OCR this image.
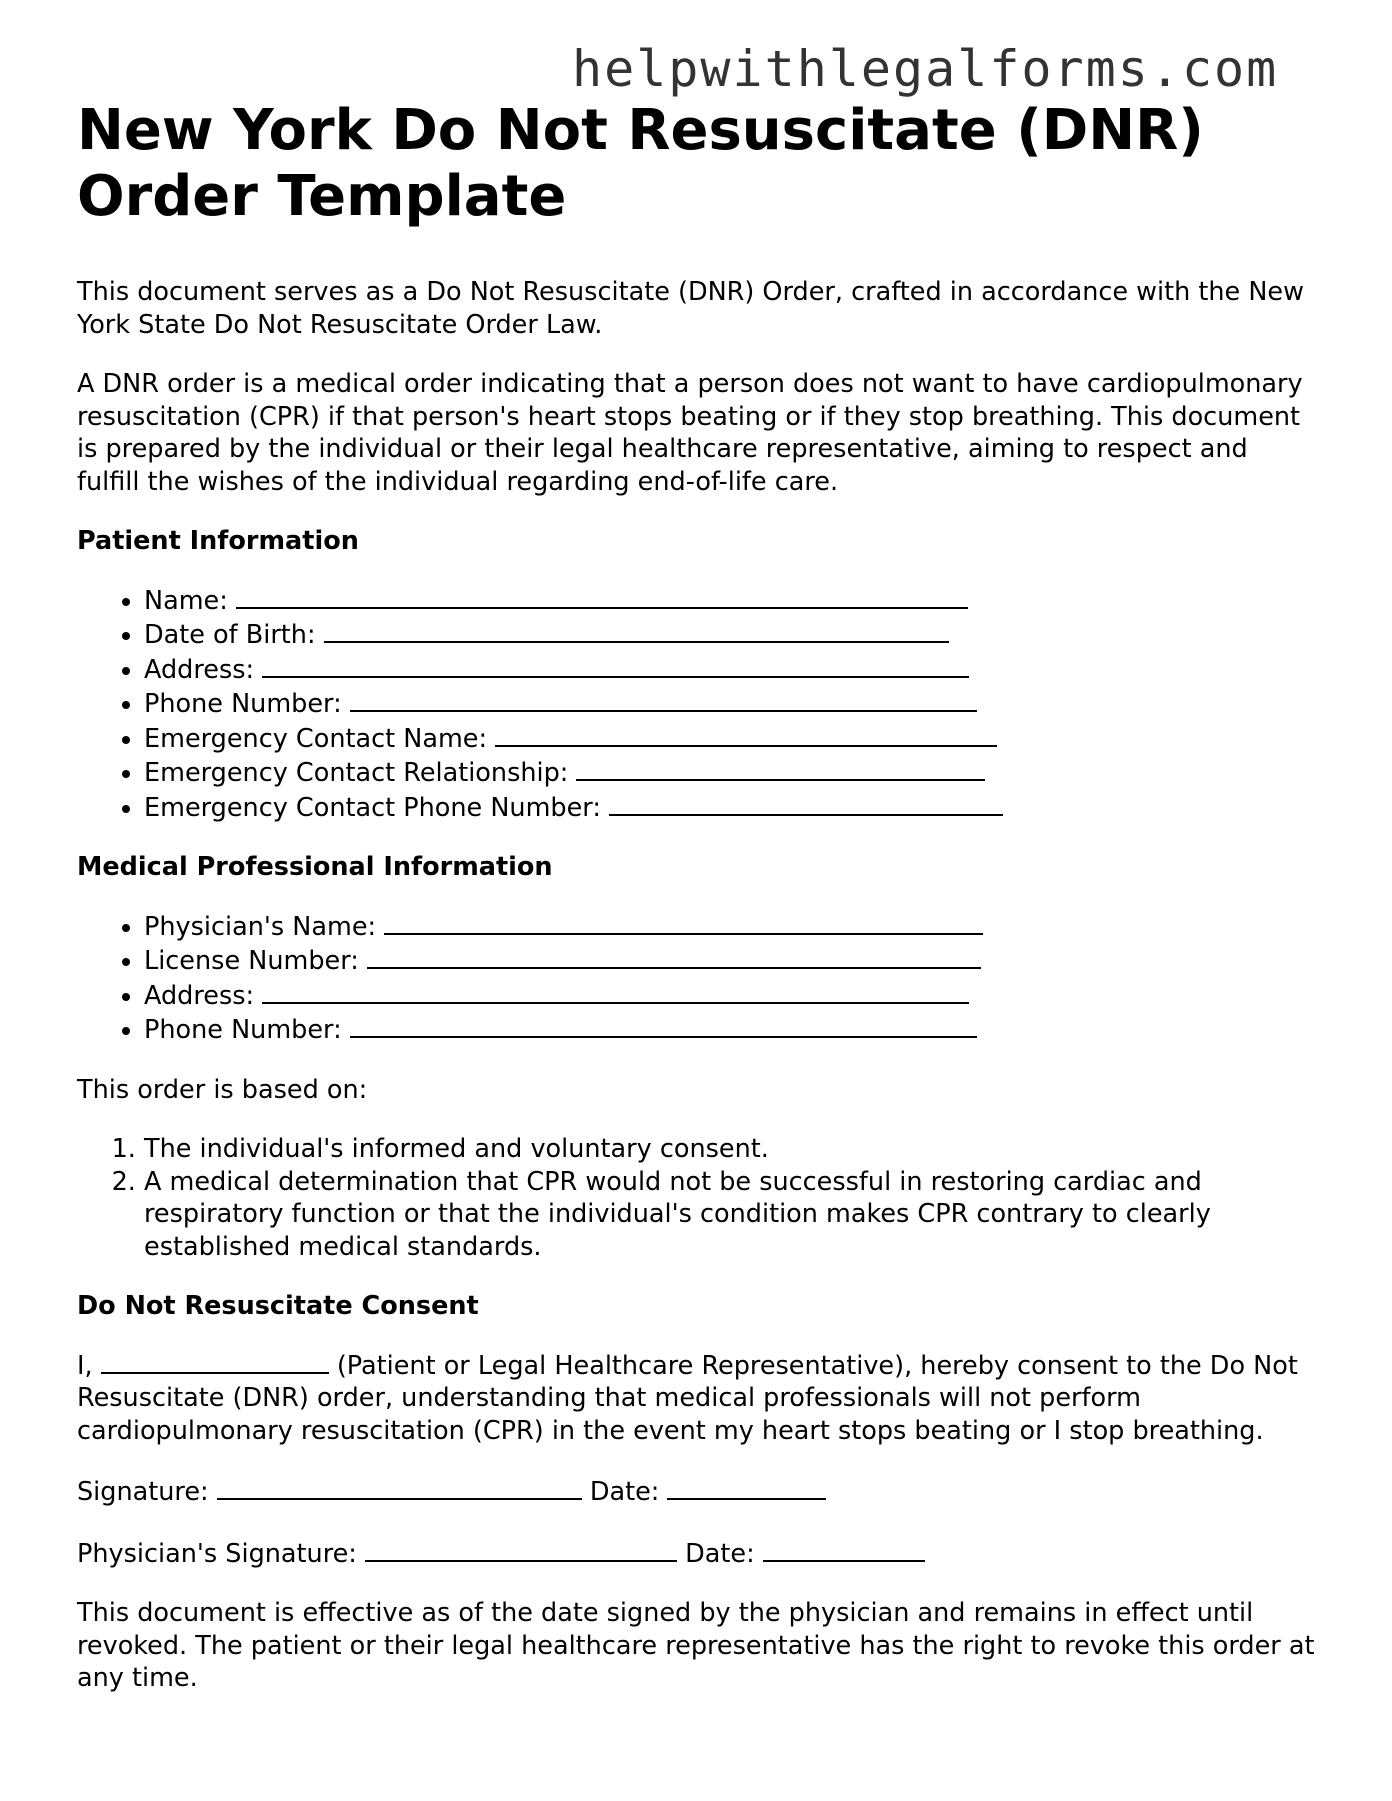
helpwithlegalforms.com
New York Do Not Resuscitate (DNR) Order Template

This document serves as a Do Not Resuscitate (DNR) Order, crafted in accordance with the New York State Do Not Resuscitate Order Law.

A DNR order is a medical order indicating that a person does not want to have cardiopulmonary resuscitation (CPR) if that person's heart stops beating or if they stop breathing. This document is prepared by the individual or their legal healthcare representative, aiming to respect and fulfill the wishes of the individual regarding end-of-life care.

Patient Information
• Name:
• Date of Birth:
• Address:
• Phone Number:
• Emergency Contact Name:
• Emergency Contact Relationship:
• Emergency Contact Phone Number:
Medical Professional Information
• Physician's Name:
• License Number:
• Address:
• Phone Number:

This order is based on:

1. The individual's informed and voluntary consent.
2. A medical determination that CPR would not be successful in restoring cardiac and respiratory function or that the individual's condition makes CPR contrary to clearly established medical standards.
Do Not Resuscitate Consent

I,	(Patient or Legal Healthcare Representative), hereby consent to the Do Not Resuscitate (DNR) order, understanding that medical professionals will not perform cardiopulmonary resuscitation (CPR) in the event my heart stops beating or I stop breathing.

Signature:	Date:

Physician's Signature:	Date:

This document is effective as of the date signed by the physician and remains in effect until revoked. The patient or their legal healthcare representative has the right to revoke this order at any time.
